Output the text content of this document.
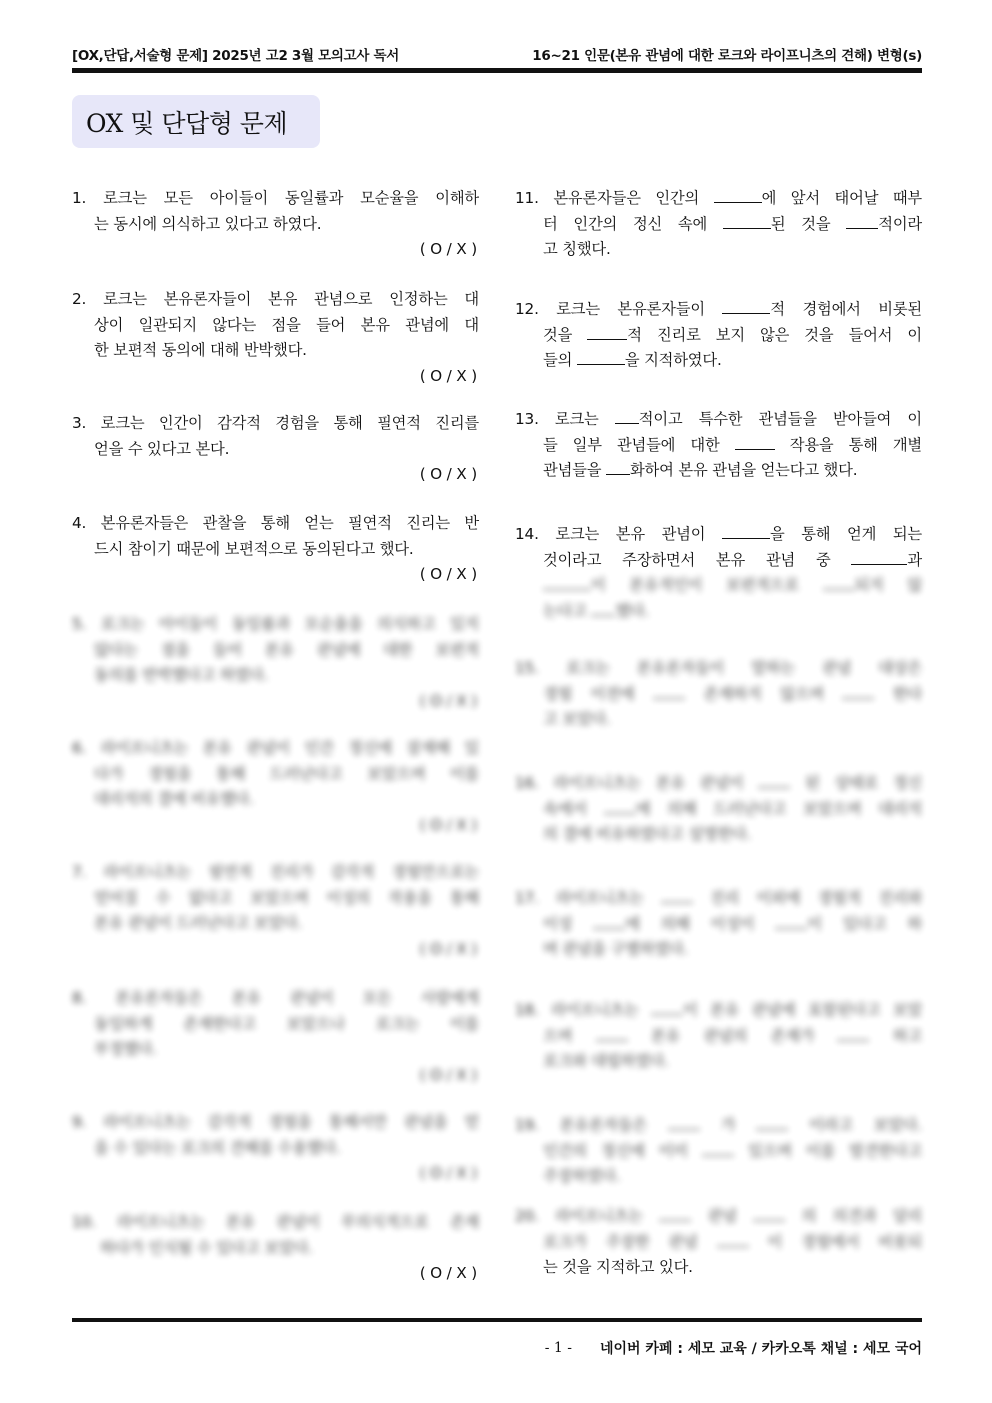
[OX,단답,서술형 문제] 2025년 고2 3월 모의고사 독서	16~21 인문(본유 관념에 대한 로크와 라이프니츠의 견해) 변형(s)
OX 및 단답형 문제
1. 로크는 모든 아이들이 동일률과 모순율을 이해하
는 동시에 의식하고 있다고 하였다.
( O / X )
2. 로크는 본유론자들이 본유 관념으로 인정하는 대
상이 일관되지 않다는 점을 들어 본유 관념에 대
한 보편적 동의에 대해 반박했다.
( O / X )
3. 로크는 인간이 감각적 경험을 통해 필연적 진리를
얻을 수 있다고 본다.
( O / X )
4. 본유론자들은 관찰을 통해 얻는 필연적 진리는 반
드시 참이기 때문에 보편적으로 동의된다고 했다.
( O / X )
5. 로크는 아이들이 동일률과 모순율을 의식하고 있지
않다는 점을 들어 본유 관념에 대한 보편적
동의를 반박했다고 하였다.
( O / X )
6. 라이프니츠는 본유 관념이 인간 정신에 잠재해 있
다가 경험을 통해 드러난다고 보았으며 이를
대리석의 결에 비유했다.
( O / X )
7. 라이프니츠는 필연적 진리가 감각적 경험만으로는
얻어질 수 없다고 보았으며 이성의 작용을 통해
본유 관념이 드러난다고 보았다.
( O / X )
8. 본유론자들은 본유 관념이 모든 사람에게
동일하게 존재한다고 보았으나 로크는 이를
부정했다.
( O / X )
9. 라이프니츠는 감각적 경험을 통해서만 관념을 얻
을 수 있다는 로크의 견해를 수용했다.
( O / X )
10. 라이프니츠는 본유 관념이 무의식적으로 존재
하다가 인식될 수 있다고 보았다.
( O / X )
11. 본유론자들은 인간의	에 앞서 태어날 때부
터 인간의 정신 속에	된 것을 적이라
고 칭했다.
12. 로크는 본유론자들이	적 경험에서 비롯된
것을	적 진리로 보지 않은 것을 들어서 이
들의	을 지적하였다.
13. 로크는 적이고 특수한 관념들을 받아들여 이
들 일부 관념들에 대한	작용을 통해 개별
관념들을 화하여 본유 관념을 얻는다고 했다.
14. 로크는 본유 관념이	을 통해 얻게 되는
것이라고 주장하면서 본유 관념 중	과
이 본유적인이 보편적으로 되지 않
는다고 했다.
15. 로크는 본유론자들이 말하는 관념 대상은
경험 이전에  존재하지 않으며  한다
고 보았다.
16. 라이프니츠는 본유 관념이  된 상태로 정신
속에서 에 의해 드러난다고 보았으며 대리석
의 결에 비유하였다고 설명한다.
17. 라이프니츠는  진리 이외에 경험적 진리와
이성 에 의해 이성이 이 있다고 하
며 관념을 구별하였다.
18. 라이프니츠는 이 본유 관념에 포함된다고 보았
으며  본유 관념의 존재가  하고
로크와 대립하였다.
19. 본유론자들은  가  이라고 보았다.
인간의 정신에 이미  있으며 이를 발견한다고
주장하였다.
20. 라이프니츠는  관념  의 의견과 달리
로크가 주장한 관념  이 경험에서 비롯되
는 것을 지적하고 있다.
- 1 - 네이버 카페 : 세모 교육 / 카카오톡 채널 : 세모 국어
